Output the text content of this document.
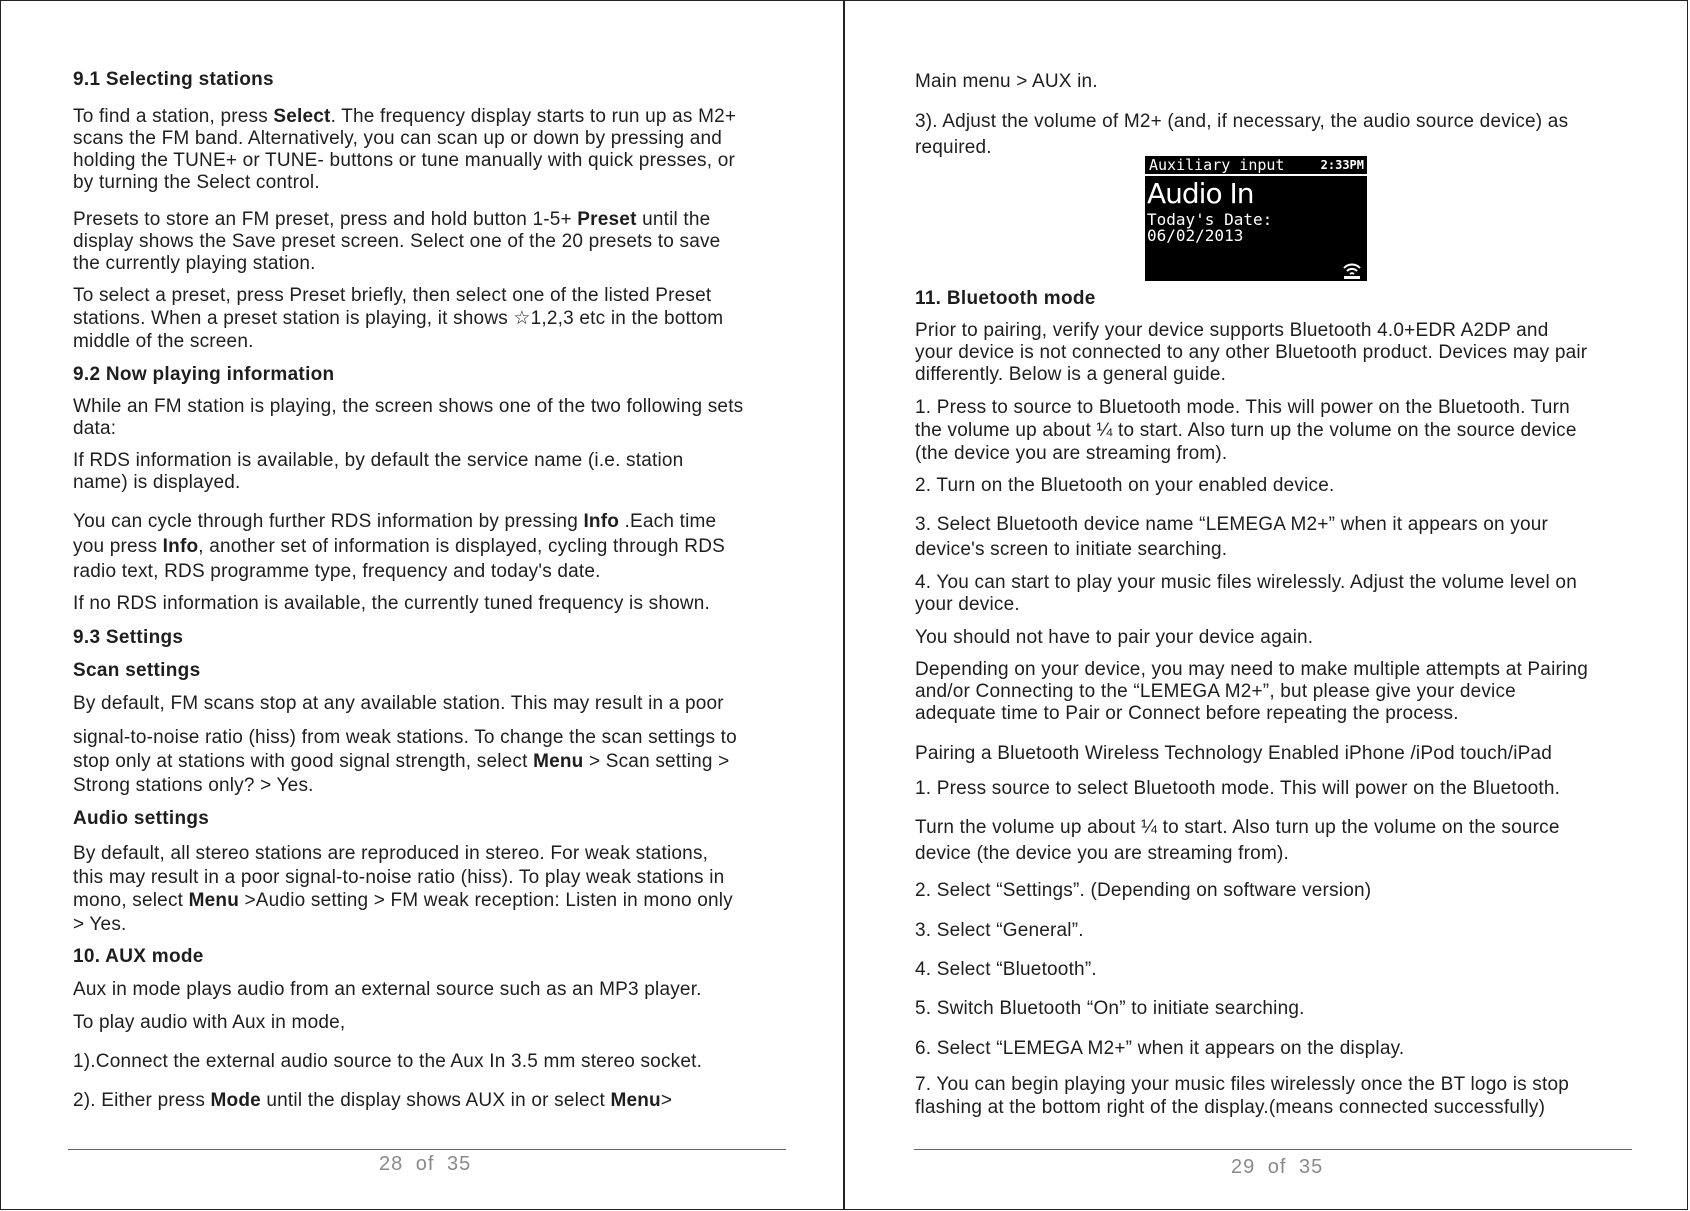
9.1 Selecting stations
To find a station, press Select. The frequency display starts to run up as M2+
scans the FM band. Alternatively, you can scan up or down by pressing and
holding the TUNE+ or TUNE- buttons or tune manually with quick presses, or
by turning the Select control.
Presets to store an FM preset, press and hold button 1-5+ Preset until the
display shows the Save preset screen. Select one of the 20 presets to save
the currently playing station.
To select a preset, press Preset briefly, then select one of the listed Preset
stations. When a preset station is playing, it shows ☆1,2,3 etc in the bottom
middle of the screen.
9.2 Now playing information
While an FM station is playing, the screen shows one of the two following sets
data:
If RDS information is available, by default the service name (i.e. station
name) is displayed.
You can cycle through further RDS information by pressing Info .Each time
you press Info, another set of information is displayed, cycling through RDS
radio text, RDS programme type, frequency and today's date.
If no RDS information is available, the currently tuned frequency is shown.
9.3 Settings
Scan settings
By default, FM scans stop at any available station. This may result in a poor
signal-to-noise ratio (hiss) from weak stations. To change the scan settings to
stop only at stations with good signal strength, select Menu > Scan setting >
Strong stations only? > Yes.
Audio settings
By default, all stereo stations are reproduced in stereo. For weak stations,
this may result in a poor signal-to-noise ratio (hiss). To play weak stations in
mono, select Menu >Audio setting > FM weak reception: Listen in mono only
> Yes.
10. AUX mode
Aux in mode plays audio from an external source such as an MP3 player.
To play audio with Aux in mode,
1).Connect the external audio source to the Aux In 3.5 mm stereo socket.
2). Either press Mode until the display shows AUX in or select Menu>
28 of 35
Main menu > AUX in.
3). Adjust the volume of M2+ (and, if necessary, the audio source device) as
required.
Auxiliary input	2:33PM
Audio In
Today's Date:
06/02/2013
11. Bluetooth mode
Prior to pairing, verify your device supports Bluetooth 4.0+EDR A2DP and
your device is not connected to any other Bluetooth product. Devices may pair
differently. Below is a general guide.
1. Press to source to Bluetooth mode. This will power on the Bluetooth. Turn
the volume up about ¼ to start. Also turn up the volume on the source device
(the device you are streaming from).
2. Turn on the Bluetooth on your enabled device.
3. Select Bluetooth device name “LEMEGA M2+” when it appears on your
device's screen to initiate searching.
4. You can start to play your music files wirelessly. Adjust the volume level on
your device.
You should not have to pair your device again.
Depending on your device, you may need to make multiple attempts at Pairing
and/or Connecting to the “LEMEGA M2+”, but please give your device
adequate time to Pair or Connect before repeating the process.
Pairing a Bluetooth Wireless Technology Enabled iPhone /iPod touch/iPad
1. Press source to select Bluetooth mode. This will power on the Bluetooth.
Turn the volume up about ¼ to start. Also turn up the volume on the source
device (the device you are streaming from).
2. Select “Settings”. (Depending on software version)
3. Select “General”.
4. Select “Bluetooth”.
5. Switch Bluetooth “On” to initiate searching.
6. Select “LEMEGA M2+” when it appears on the display.
7. You can begin playing your music files wirelessly once the BT logo is stop
flashing at the bottom right of the display.(means connected successfully)
29 of 35
